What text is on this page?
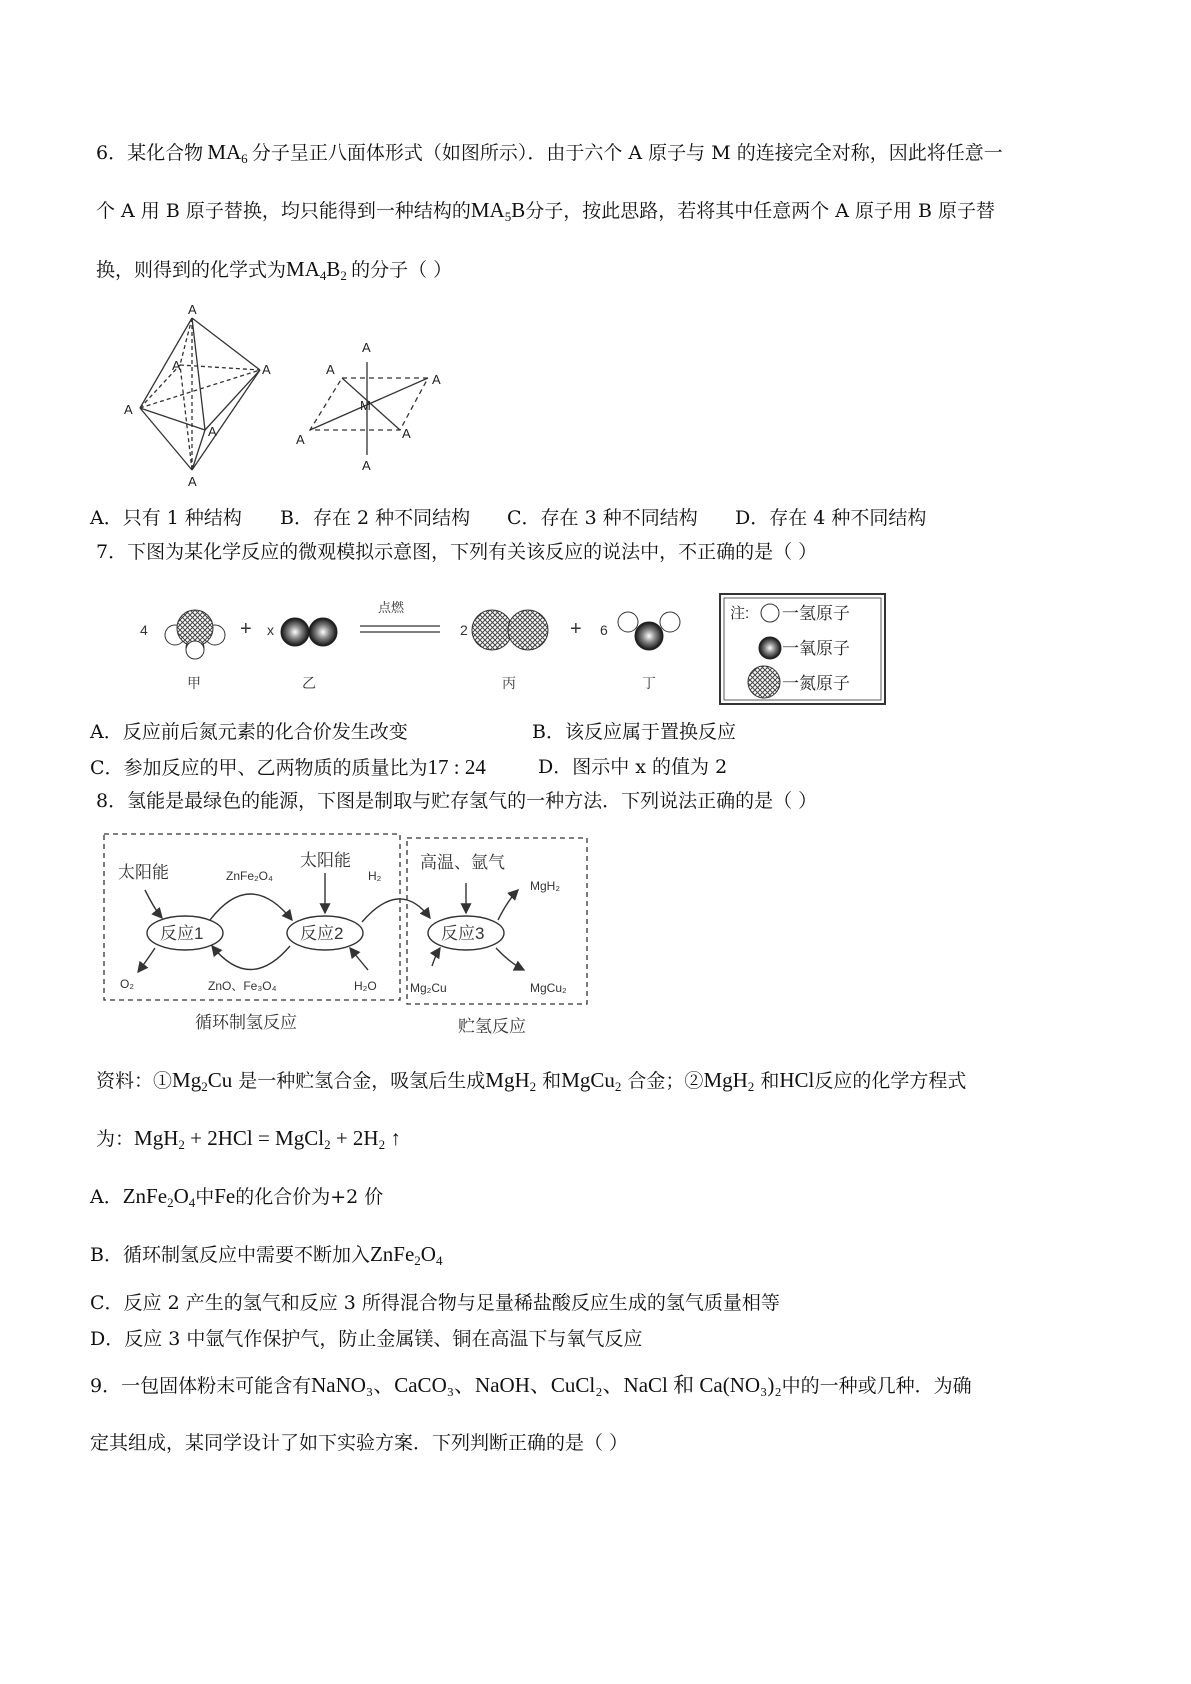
6．某化合物  $MA_6$  分子呈正八面体形式（如图所示）．由于六个 A 原子与 M 的连接完全对称，因此将任意一
个 A 用 B 原子替换，均只能得到一种结构的$MA_5B$分子，按此思路，若将其中任意两个 A 原子用 B 原子替
换，则得到的化学式为$MA_4B_2$  的分子（ ）
A
A	A
A
A
A
A
A
A
A	A
A
M
A．只有 1 种结构 B．存在 2 种不同结构 C．存在 3 种不同结构 D．存在 4 种不同结构
7．下图为某化学反应的微观模拟示意图，下列有关该反应的说法中，不正确的是（ ）
4	x	2	6
+	+
点燃
甲	乙	丙	丁
注: 一氢原子
一氧原子
一氮原子
A．反应前后氮元素的化合价发生改变	B．该反应属于置换反应
C．参加反应的甲、乙两物质的质量比为17 : 24	D．图示中 x 的值为 2
8．氢能是最绿色的能源，下图是制取与贮存氢气的一种方法．下列说法正确的是（ ）
太阳能
太阳能	高温、氩气
反应1	反应2	反应3
循环制氢反应	贮氢反应
ZnFe₂O₄	H₂
MgH₂
O₂	ZnO、Fe₃O₄	H₂O	Mg₂Cu	MgCu₂
资料：$①Mg_2Cu$ 是一种贮氢合金，吸氢后生成MgH$_2$ 和MgCu$_2$ 合金；②MgH$_2$ 和HCl反应的化学方程式
为：MgH$_2$ + 2HCl = MgCl$_2$ + $2H_2$ ↑
A．$ZnFe_2O_4$中Fe的化合价为+2 价
B．循环制氢反应中需要不断加入$ZnFe_2O_4$
C．反应 2 产生的氢气和反应 3 所得混合物与足量稀盐酸反应生成的氢气质量相等
D．反应 3 中氩气作保护气，防止金属镁、铜在高温下与氧气反应
9．一包固体粉末可能含有NaNO₃、CaCO₃、NaOH、CuCl₂、NaCl 和 Ca(NO₃)₂中的一种或几种．为确
定其组成，某同学设计了如下实验方案．下列判断正确的是（ ）
